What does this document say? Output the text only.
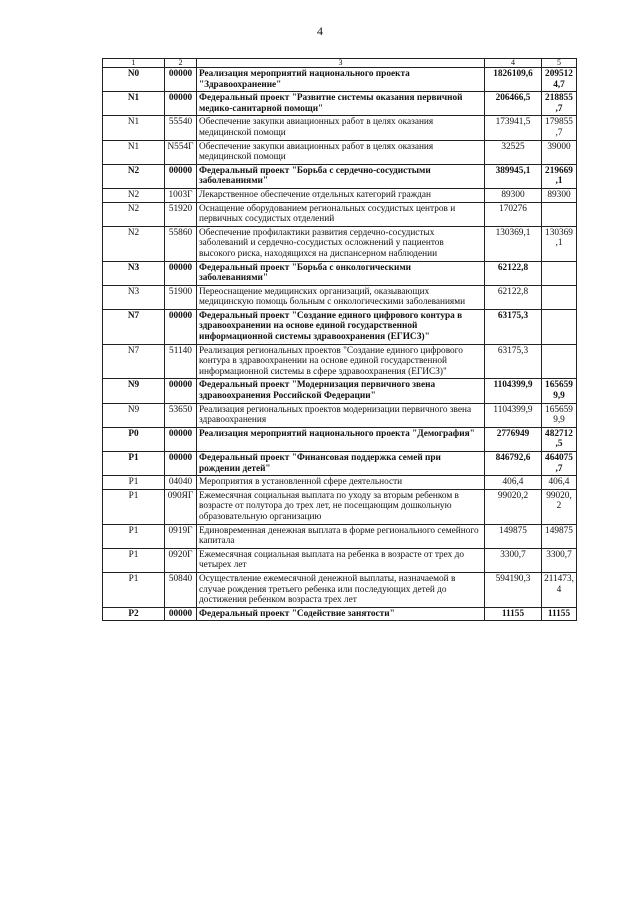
4
1	2	3	4	5
N0	00000	Реализация мероприятий национального проекта "Здравоохранение"	1826109,6	2095124,7
N1	00000	Федеральный проект "Развитие системы оказания первичной медико-санитарной помощи"	206466,5	218855,7
N1	55540	Обеспечение закупки авиационных работ в целях оказания медицинской помощи	173941,5	179855,7
N1	N554Г	Обеспечение закупки авиационных работ в целях оказания медицинской помощи	32525	39000
N2	00000	Федеральный проект "Борьба с сердечно-сосудистыми заболеваниями"	389945,1	219669,1
N2	1003Г	Лекарственное обеспечение отдельных категорий граждан	89300	89300
N2	51920	Оснащение оборудованием региональных сосудистых центров и первичных сосудистых отделений	170276	
N2	55860	Обеспечение профилактики развития сердечно-сосудистых заболеваний и сердечно-сосудистых осложнений у пациентов высокого риска, находящихся на диспансерном наблюдении	130369,1	130369,1
N3	00000	Федеральный проект "Борьба с онкологическими заболеваниями"	62122,8	
N3	51900	Переоснащение медицинских организаций, оказывающих медицинскую помощь больным с онкологическими заболеваниями	62122,8	
N7	00000	Федеральный проект "Создание единого цифрового контура в здравоохранении на основе единой государственной информационной системы здравоохранения (ЕГИСЗ)"	63175,3	
N7	51140	Реализация региональных проектов "Создание единого цифрового контура в здравоохранении на основе единой государственной информационной системы в сфере здравоохранения (ЕГИСЗ)"	63175,3	
N9	00000	Федеральный проект "Модернизация первичного звена здравоохранения Российской Федерации"	1104399,9	1656599,9
N9	53650	Реализация региональных проектов модернизации первичного звена здравоохранения	1104399,9	1656599,9
P0	00000	Реализация мероприятий национального проекта "Демография"	2776949	482712,5
P1	00000	Федеральный проект "Финансовая поддержка семей при рождении детей"	846792,6	464075,7
P1	04040	Мероприятия в установленной сфере деятельности	406,4	406,4
P1	090ЯГ	Ежемесячная социальная выплата по уходу за вторым ребенком в возрасте от полутора до трех лет, не посещающим дошкольную образовательную организацию	99020,2	99020,2
P1	0919Г	Единовременная денежная выплата в форме регионального семейного капитала	149875	149875
P1	0920Г	Ежемесячная социальная выплата на ребенка в возрасте от трех до четырех лет	3300,7	3300,7
P1	50840	Осуществление ежемесячной денежной выплаты, назначаемой в случае рождения третьего ребенка или последующих детей до достижения ребенком возраста трех лет	594190,3	211473,4
P2	00000	Федеральный проект "Содействие занятости"	11155	11155
